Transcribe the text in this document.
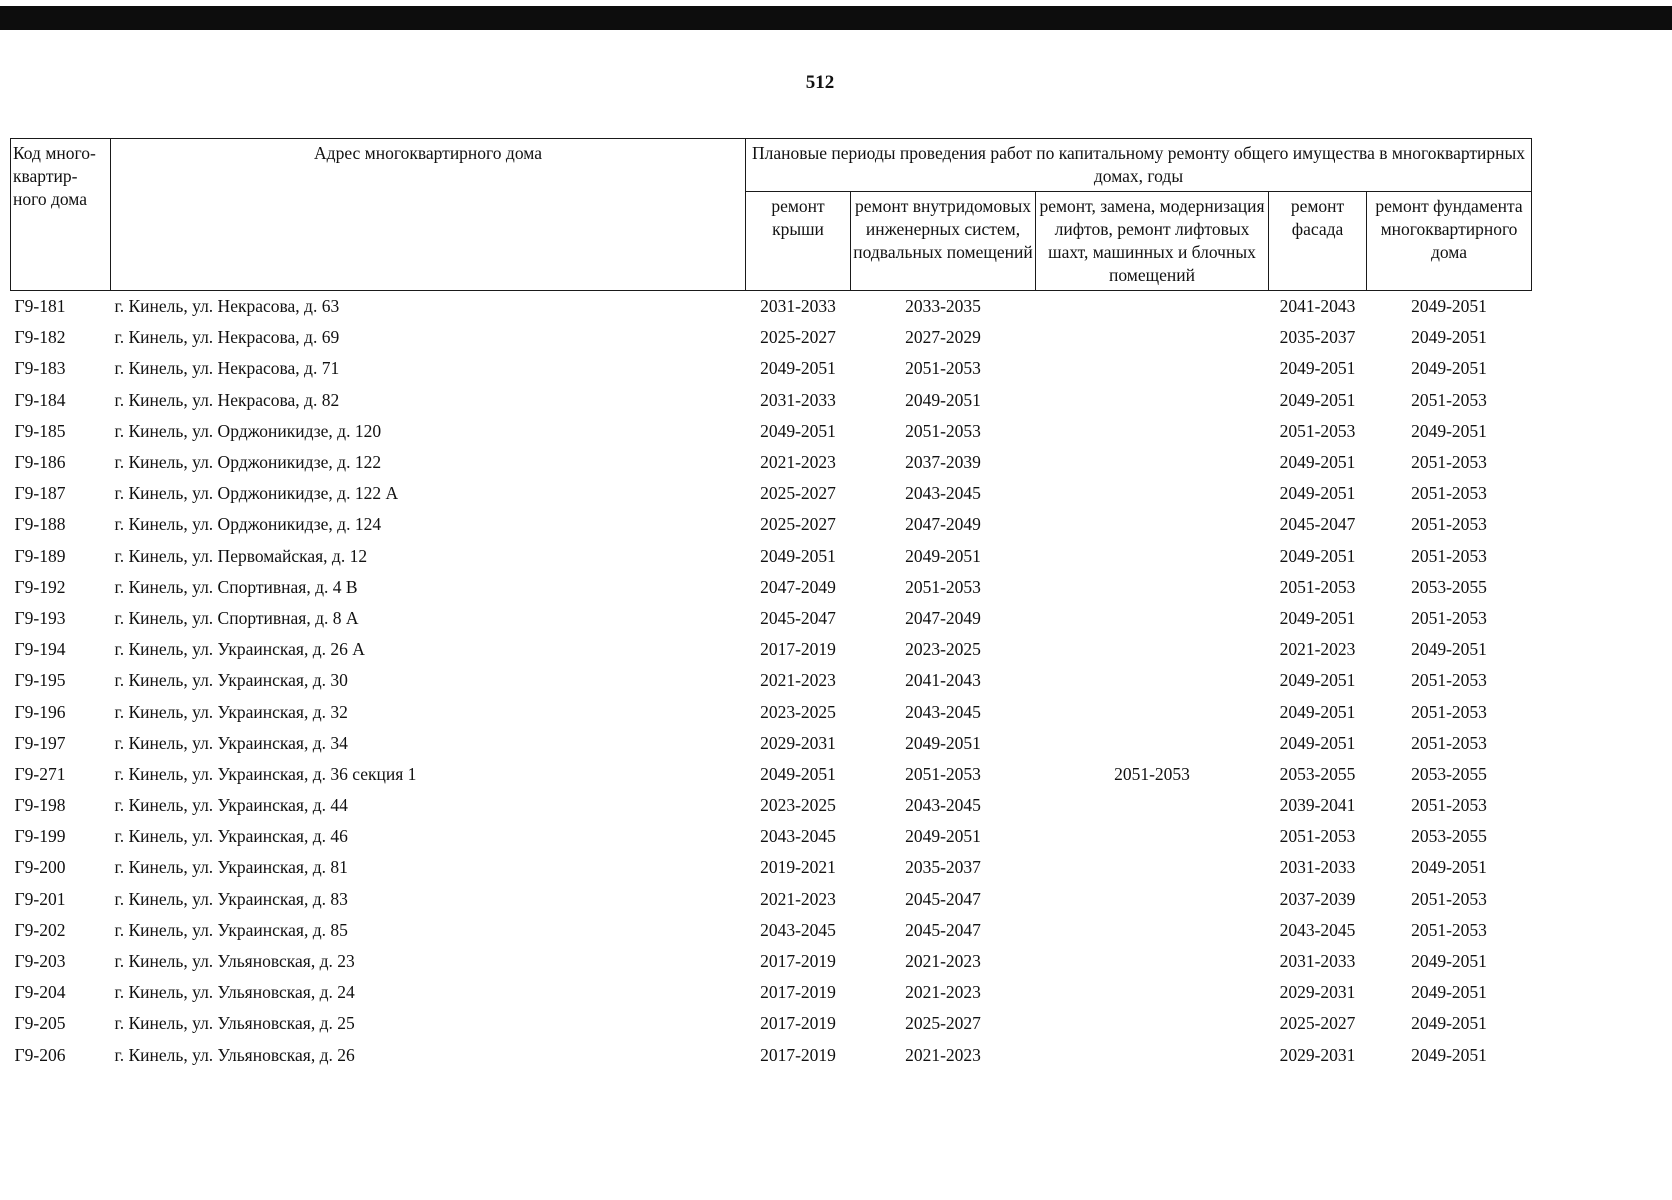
512
Код много-квартир-ного дома	Адрес многоквартирного дома	Плановые периоды проведения работ по капитальному ремонту общего имущества в многоквартирных домах, годы				
		ремонт крыши	ремонт внутридомовых инженерных систем, подвальных помещений	ремонт, замена, модернизация лифтов, ремонт лифтовых шахт, машинных и блочных помещений	ремонт фасада	ремонт фундамента многоквартирного дома
Г9-181	г. Кинель, ул. Некрасова, д. 63	2031-2033	2033-2035		2041-2043	2049-2051
Г9-182	г. Кинель, ул. Некрасова, д. 69	2025-2027	2027-2029		2035-2037	2049-2051
Г9-183	г. Кинель, ул. Некрасова, д. 71	2049-2051	2051-2053		2049-2051	2049-2051
Г9-184	г. Кинель, ул. Некрасова, д. 82	2031-2033	2049-2051		2049-2051	2051-2053
Г9-185	г. Кинель, ул. Орджоникидзе, д. 120	2049-2051	2051-2053		2051-2053	2049-2051
Г9-186	г. Кинель, ул. Орджоникидзе, д. 122	2021-2023	2037-2039		2049-2051	2051-2053
Г9-187	г. Кинель, ул. Орджоникидзе, д. 122 А	2025-2027	2043-2045		2049-2051	2051-2053
Г9-188	г. Кинель, ул. Орджоникидзе, д. 124	2025-2027	2047-2049		2045-2047	2051-2053
Г9-189	г. Кинель, ул. Первомайская, д. 12	2049-2051	2049-2051		2049-2051	2051-2053
Г9-192	г. Кинель, ул. Спортивная, д. 4 В	2047-2049	2051-2053		2051-2053	2053-2055
Г9-193	г. Кинель, ул. Спортивная, д. 8 А	2045-2047	2047-2049		2049-2051	2051-2053
Г9-194	г. Кинель, ул. Украинская, д. 26 А	2017-2019	2023-2025		2021-2023	2049-2051
Г9-195	г. Кинель, ул. Украинская, д. 30	2021-2023	2041-2043		2049-2051	2051-2053
Г9-196	г. Кинель, ул. Украинская, д. 32	2023-2025	2043-2045		2049-2051	2051-2053
Г9-197	г. Кинель, ул. Украинская, д. 34	2029-2031	2049-2051		2049-2051	2051-2053
Г9-271	г. Кинель, ул. Украинская, д. 36 секция 1	2049-2051	2051-2053	2051-2053	2053-2055	2053-2055
Г9-198	г. Кинель, ул. Украинская, д. 44	2023-2025	2043-2045		2039-2041	2051-2053
Г9-199	г. Кинель, ул. Украинская, д. 46	2043-2045	2049-2051		2051-2053	2053-2055
Г9-200	г. Кинель, ул. Украинская, д. 81	2019-2021	2035-2037		2031-2033	2049-2051
Г9-201	г. Кинель, ул. Украинская, д. 83	2021-2023	2045-2047		2037-2039	2051-2053
Г9-202	г. Кинель, ул. Украинская, д. 85	2043-2045	2045-2047		2043-2045	2051-2053
Г9-203	г. Кинель, ул. Ульяновская, д. 23	2017-2019	2021-2023		2031-2033	2049-2051
Г9-204	г. Кинель, ул. Ульяновская, д. 24	2017-2019	2021-2023		2029-2031	2049-2051
Г9-205	г. Кинель, ул. Ульяновская, д. 25	2017-2019	2025-2027		2025-2027	2049-2051
Г9-206	г. Кинель, ул. Ульяновская, д. 26	2017-2019	2021-2023		2029-2031	2049-2051
